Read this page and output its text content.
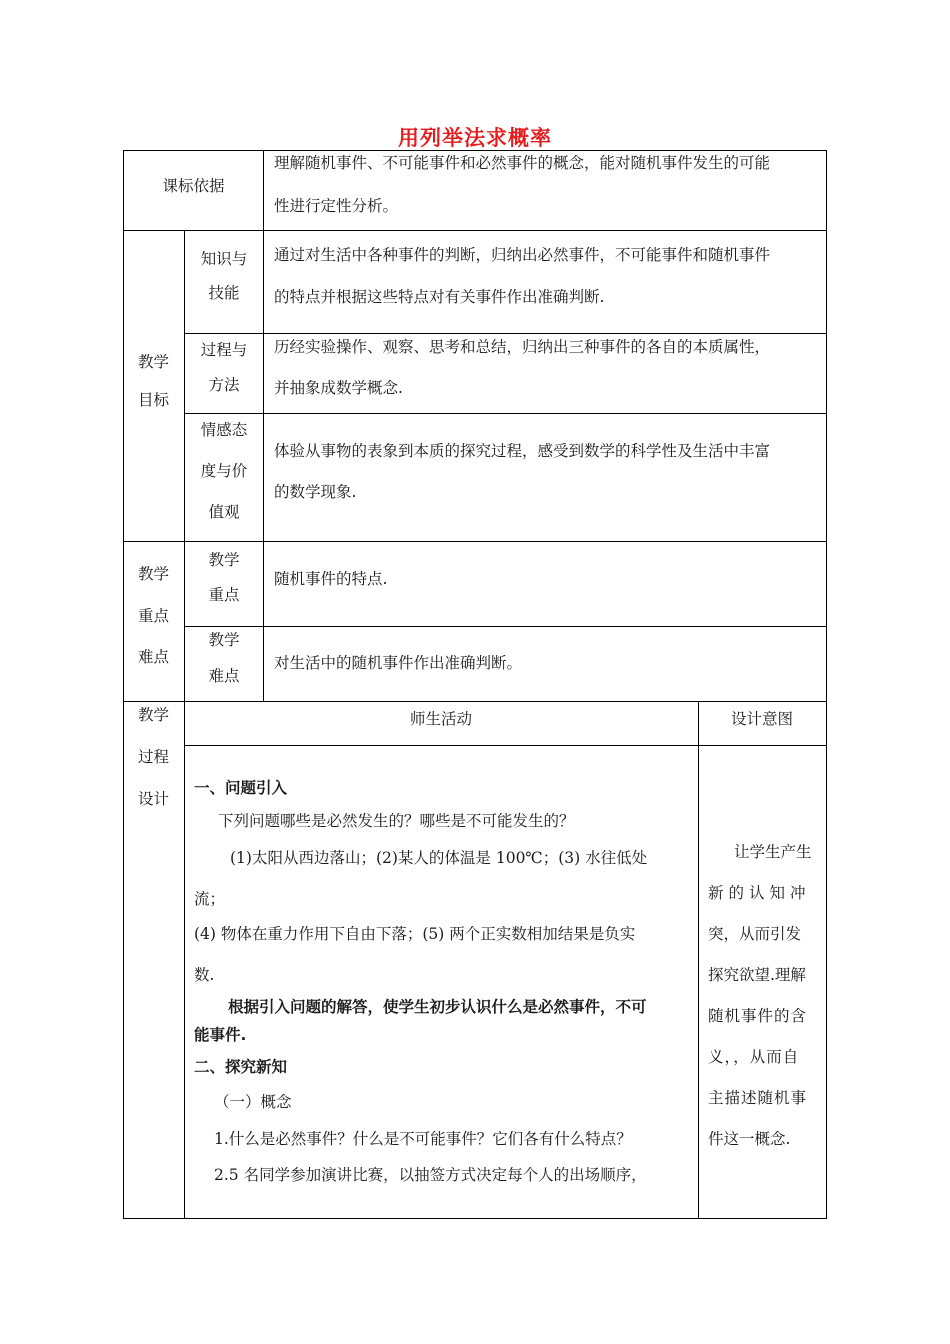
用列举法求概率
课标依据
理解随机事件、不可能事件和必然事件的概念，能对随机事件发生的可能
性进行定性分析。
教学
目标
知识与
技能
通过对生活中各种事件的判断，归纳出必然事件，不可能事件和随机事件
的特点并根据这些特点对有关事件作出准确判断.
过程与
方法
历经实验操作、观察、思考和总结，归纳出三种事件的各自的本质属性，
并抽象成数学概念.
情感态
度与价
值观
体验从事物的表象到本质的探究过程，感受到数学的科学性及生活中丰富
的数学现象.
教学
重点
难点
教学
重点
随机事件的特点.
教学
难点
对生活中的随机事件作出准确判断。
教学
过程
设计
师生活动	设计意图
一、问题引入
下列问题哪些是必然发生的？哪些是不可能发生的？
(1)太阳从西边落山；(2)某人的体温是 100℃；(3) 水往低处
流；
(4) 物体在重力作用下自由下落；(5) 两个正实数相加结果是负实
数.
根据引入问题的解答，使学生初步认识什么是必然事件，不可
能事件.
二、探究新知
（一）概念
1.什么是必然事件？什么是不可能事件？它们各有什么特点？
2.5 名同学参加演讲比赛，以抽签方式决定每个人的出场顺序，
让学生产生
新的认知冲
突，从而引发
探究欲望.理解
随机事件的含
义，，从而自
主描述随机事
件这一概念.
